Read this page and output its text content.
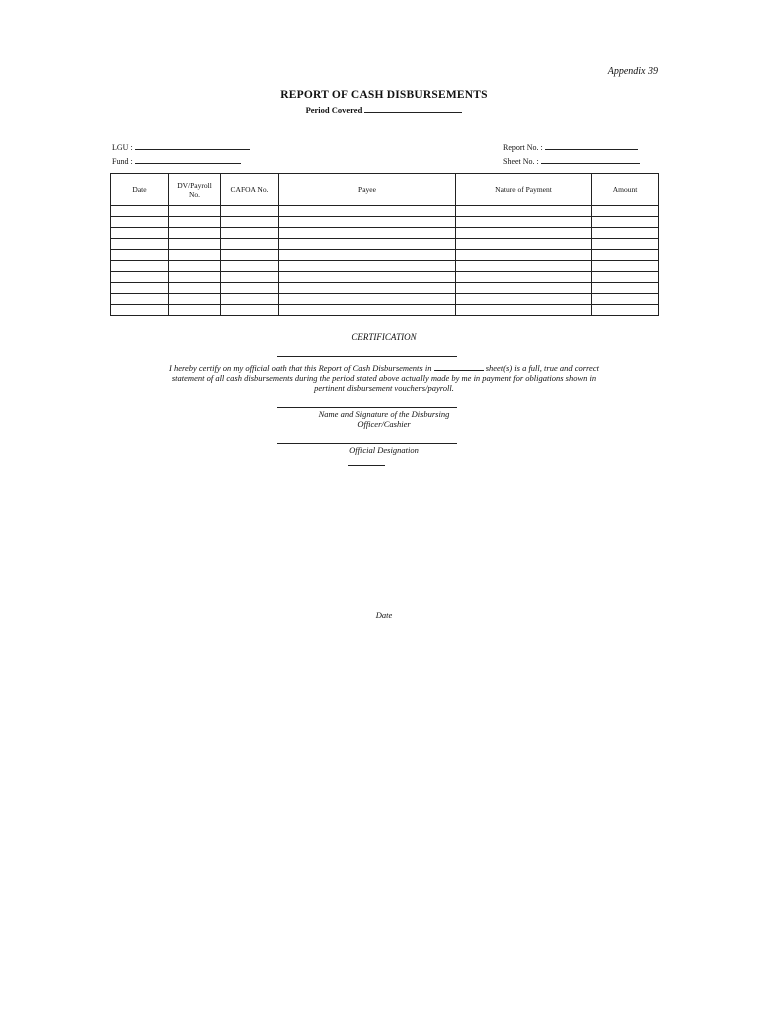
Appendix 39
REPORT OF CASH DISBURSEMENTS
Period Covered
LGU :
Fund :
Report No. :
Sheet No. :
Date	DV/Payroll No.	CAFOA No.	Payee	Nature of Payment	Amount

CERTIFICATION
I hereby certify on my official oath that this Report of Cash Disbursements in	sheet(s) is a full, true and correct statement of all cash disbursements during the period stated above actually made by me in payment for obligations shown in pertinent disbursement vouchers/payroll.
Name and Signature of the Disbursing Officer/Cashier
Official Designation
Date
